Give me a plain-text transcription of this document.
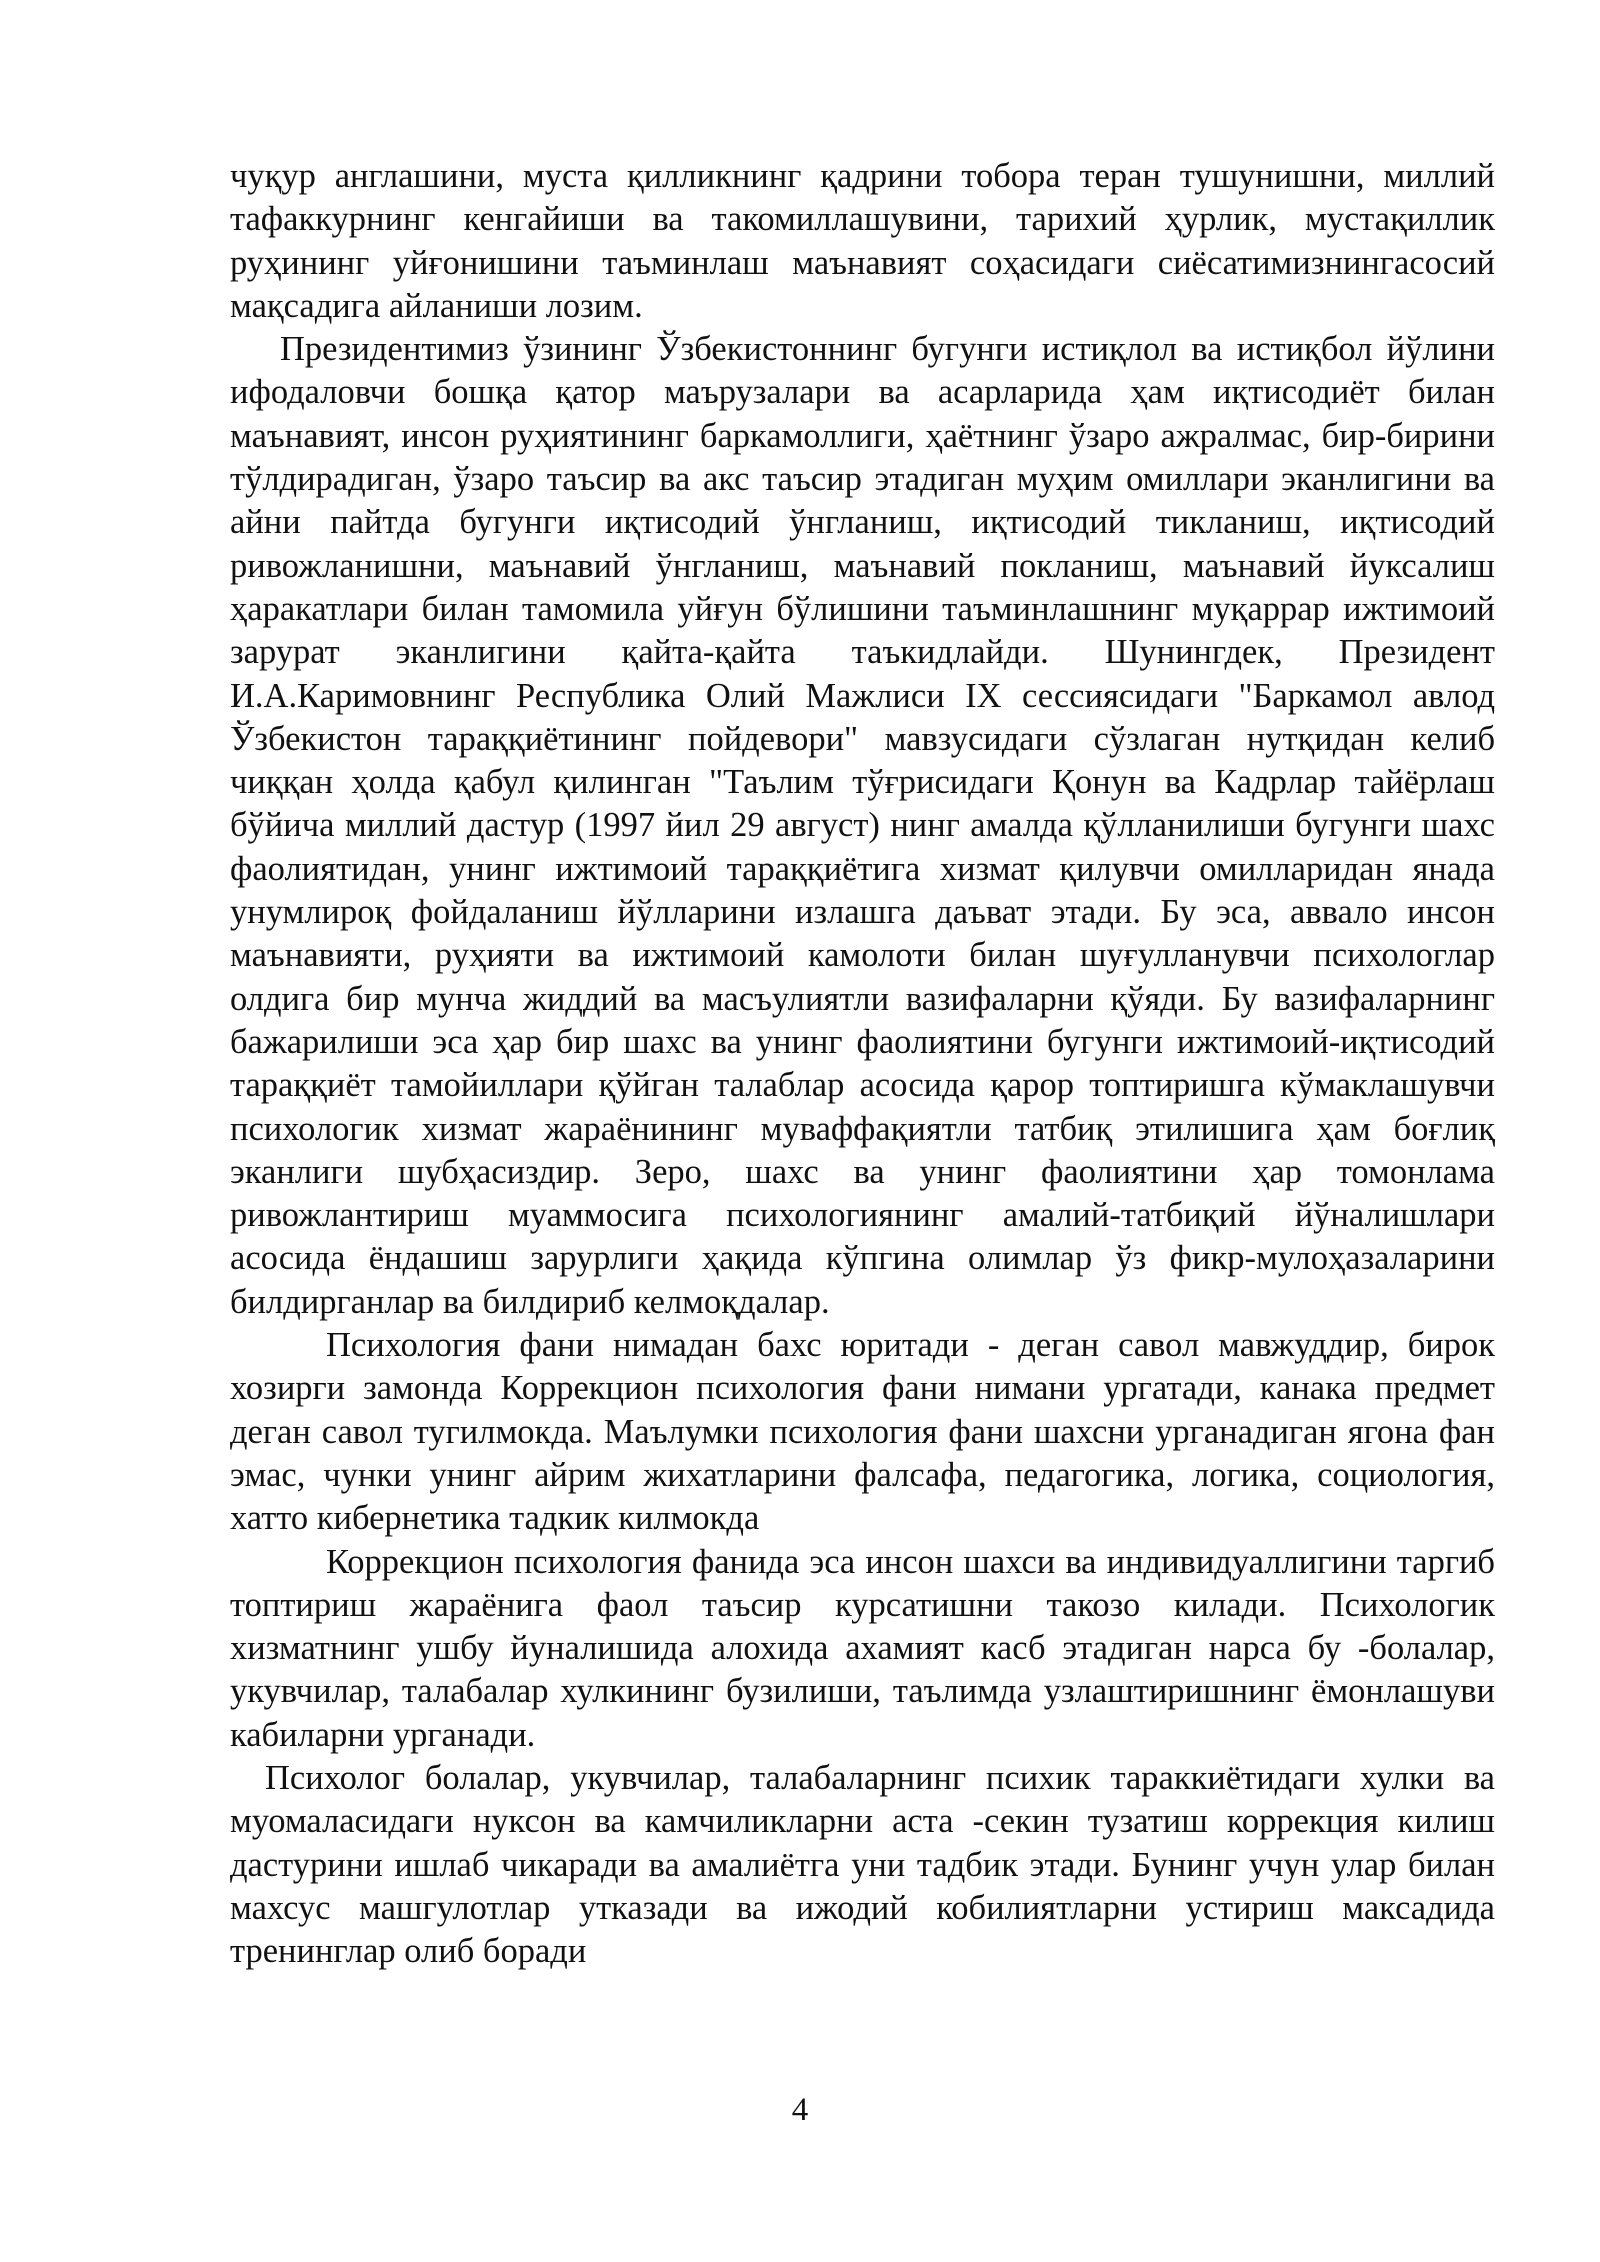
чуқур англашини, муста қилликнинг қадрини тобора теран тушунишни, миллий тафаккурнинг кенгайиши ва такомиллашувини, тарихий ҳурлик, мустақиллик руҳининг уйғонишини таъминлаш маънавият соҳасидаги сиёсатимизнингасосий мақсадига айланиши лозим.

Президентимиз ўзининг Ўзбекистоннинг бугунги истиқлол ва истиқбол йўлини ифодаловчи бошқа қатор маърузалари ва асарларида ҳам иқтисодиёт билан маънавият, инсон руҳиятининг баркамоллиги, ҳаётнинг ўзаро ажралмас, бир-бирини тўлдирадиган, ўзаро таъсир ва акс таъсир этадиган муҳим омиллари эканлигини ва айни пайтда бугунги иқтисодий ўнгланиш, иқтисодий тикланиш, иқтисодий ривожланишни, маънавий ўнгланиш, маънавий покланиш, маънавий йуксалиш ҳаракатлари билан тамомила уйғун бўлишини таъминлашнинг муқаррар ижтимоий зарурат эканлигини қайта-қайта таъкидлайди. Шунингдек, Президент И.А.Каримовнинг Республика Олий Мажлиси IX сессиясидаги "Баркамол авлод Ўзбекистон тараққиётининг пойдевори" мавзусидаги сўзлаган нутқидан келиб чиққан ҳолда қабул қилинган "Таълим тўғрисидаги Қонун ва Кадрлар тайёрлаш бўйича миллий дастур (1997 йил 29 август) нинг амалда қўлланилиши бугунги шахс фаолиятидан, унинг ижтимоий тараққиётига хизмат қилувчи омилларидан янада унумлироқ фойдаланиш йўлларини излашга даъват этади. Бу эса, аввало инсон маънавияти, руҳияти ва ижтимоий камолоти билан шуғулланувчи психологлар олдига бир мунча жиддий ва масъулиятли вазифаларни қўяди. Бу вазифаларнинг бажарилиши эса ҳар бир шахс ва унинг фаолиятини бугунги ижтимоий-иқтисодий тараққиёт тамойиллари қўйган талаблар асосида қарор топтиришга кўмаклашувчи психологик хизмат жараёнининг муваффақиятли татбиқ этилишига ҳам боғлиқ эканлиги шубҳасиздир. Зеро, шахс ва унинг фаолиятини ҳар томонлама ривожлантириш муаммосига психологиянинг амалий-татбиқий йўналишлари асосида ёндашиш зарурлиги ҳақида кўпгина олимлар ўз фикр-мулоҳазаларини билдирганлар ва билдириб келмоқдалар.

Психология фани нимадан бахс юритади - деган савол мавжуддир, бирок хозирги замонда Коррекцион психология фани нимани ургатади, канака предмет деган савол тугилмокда. Маълумки психология фани шахсни урганадиган ягона фан эмас, чунки унинг айрим жихатларини фалсафа, педагогика, логика, социология, хатто кибернетика тадкик килмокда

Коррекцион психология фанида эса инсон шахси ва индивидуаллигини таргиб топтириш жараёнига фаол таъсир курсатишни такозо килади. Психологик хизматнинг ушбу йуналишида алохида ахамият касб этадиган нарса бу -болалар, укувчилар, талабалар хулкининг бузилиши, таълимда узлаштиришнинг ёмонлашуви кабиларни урганади.

Психолог болалар, укувчилар, талабаларнинг психик тараккиётидаги хулки ва муомаласидаги нуксон ва камчиликларни аста -секин тузатиш коррекция килиш дастурини ишлаб чикаради ва амалиётга уни тадбик этади. Бунинг учун улар билан махсус машгулотлар утказади ва ижодий кобилиятларни устириш максадида тренинглар олиб боради

4
